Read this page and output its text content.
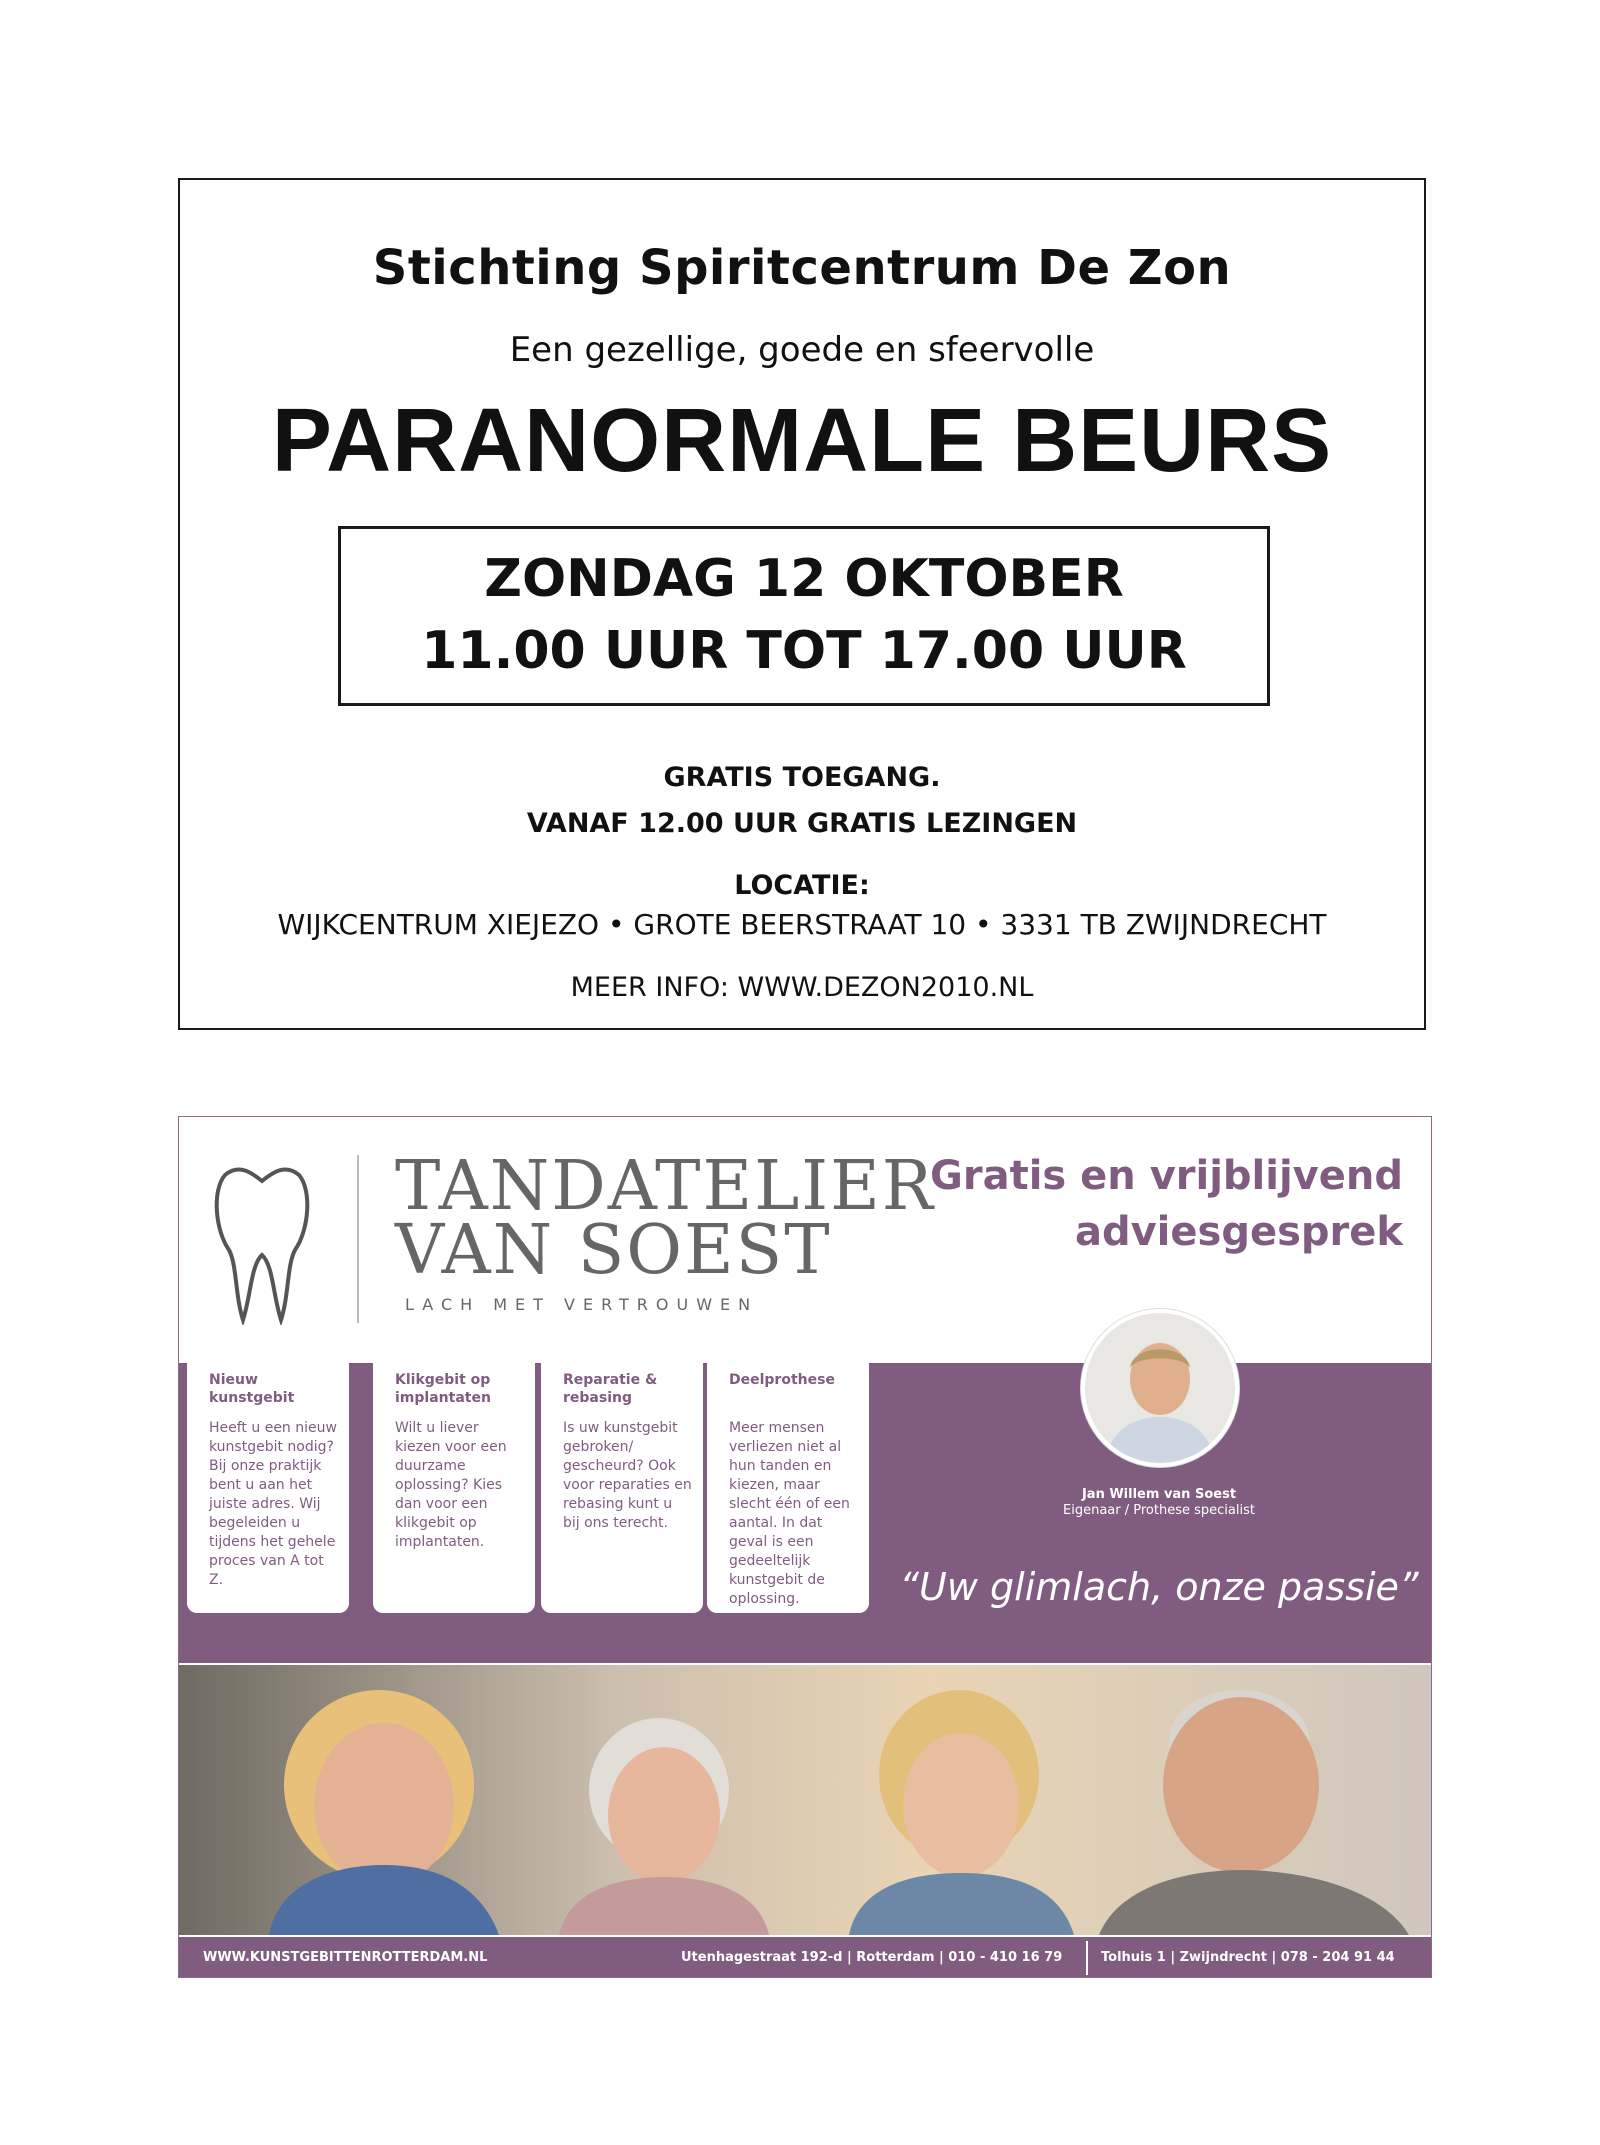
Stichting Spiritcentrum De Zon
Een gezellige, goede en sfeervolle
PARANORMALE BEURS
ZONDAG 12 OKTOBER
11.00 UUR TOT 17.00 UUR
GRATIS TOEGANG.
VANAF 12.00 UUR GRATIS LEZINGEN
LOCATIE:
WIJKCENTRUM XIEJEZO • GROTE BEERSTRAAT 10 • 3331 TB ZWIJNDRECHT
MEER INFO: WWW.DEZON2010.NL
TANDATELIER
VAN SOEST
LACH MET VERTROUWEN
Gratis en vrijblijvend
adviesgesprek
Nieuw kunstgebit
Heeft u een nieuw kunstgebit nodig? Bij onze praktijk bent u aan het juiste adres. Wij begeleiden u tijdens het gehele proces van A tot Z.
Klikgebit op implantaten
Wilt u liever kiezen voor een duurzame oplossing? Kies dan voor een klikgebit op implantaten.
Reparatie & rebasing
Is uw kunstgebit gebroken/ gescheurd? Ook voor reparaties en rebasing kunt u bij ons terecht.
Deelprothese
Meer mensen verliezen niet al hun tanden en kiezen, maar slecht één of een aantal. In dat geval is een gedeeltelijk kunstgebit de oplossing.
Jan Willem van Soest
Eigenaar / Prothese specialist
“Uw glimlach, onze passie”
WWW.KUNSTGEBITTENROTTERDAM.NL	Utenhagestraat 192-d | Rotterdam | 010 - 410 16 79	Tolhuis 1 | Zwijndrecht | 078 - 204 91 44
